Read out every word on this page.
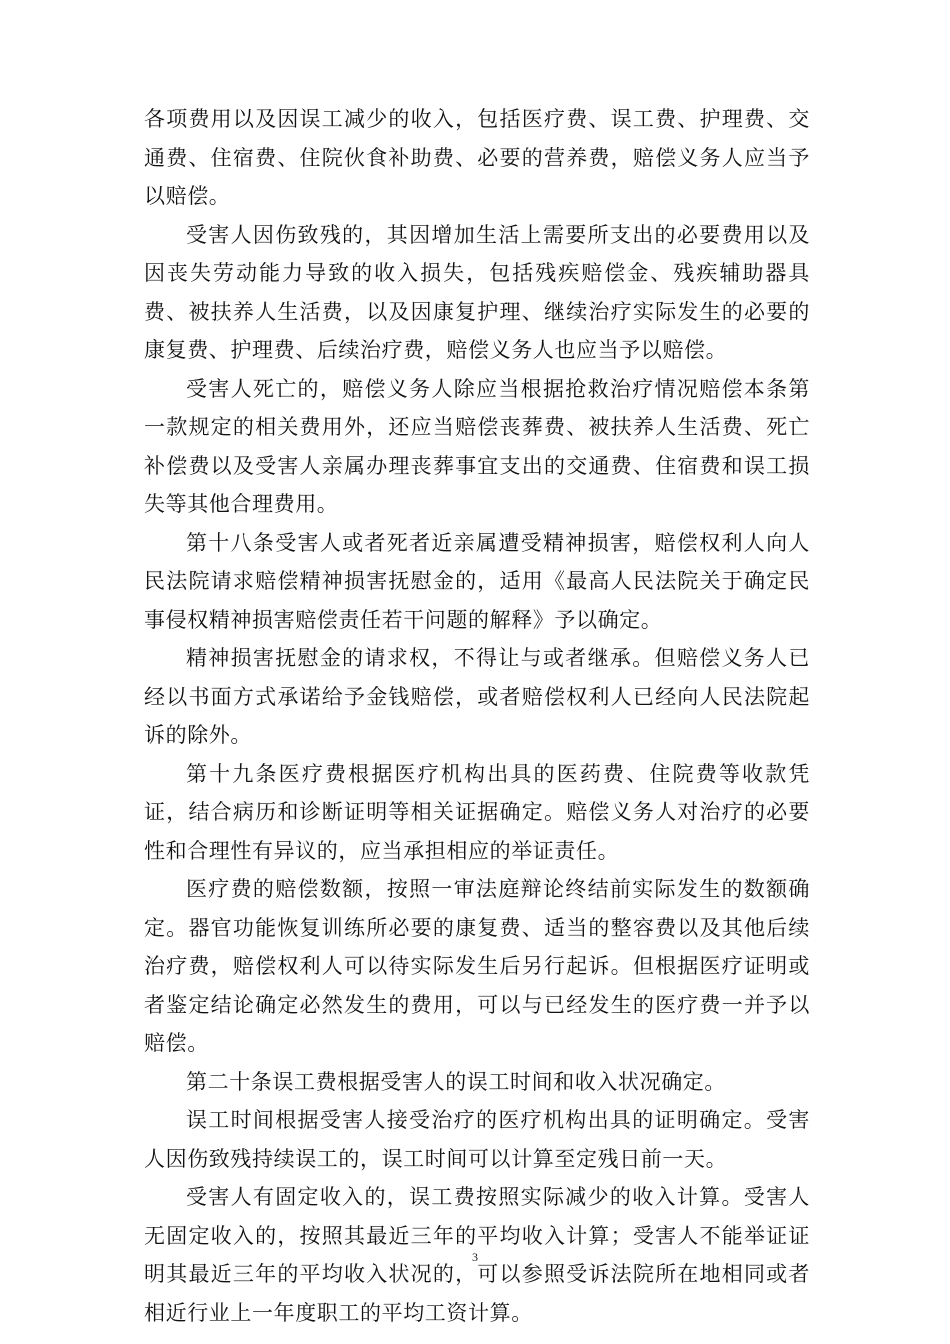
各项费用以及因误工减少的收入，包括医疗费、误工费、护理费、交通费、住宿费、住院伙食补助费、必要的营养费，赔偿义务人应当予以赔偿。

受害人因伤致残的，其因增加生活上需要所支出的必要费用以及因丧失劳动能力导致的收入损失，包括残疾赔偿金、残疾辅助器具费、被扶养人生活费，以及因康复护理、继续治疗实际发生的必要的康复费、护理费、后续治疗费，赔偿义务人也应当予以赔偿。

受害人死亡的，赔偿义务人除应当根据抢救治疗情况赔偿本条第一款规定的相关费用外，还应当赔偿丧葬费、被扶养人生活费、死亡补偿费以及受害人亲属办理丧葬事宜支出的交通费、住宿费和误工损失等其他合理费用。

第十八条受害人或者死者近亲属遭受精神损害，赔偿权利人向人民法院请求赔偿精神损害抚慰金的，适用《最高人民法院关于确定民事侵权精神损害赔偿责任若干问题的解释》予以确定。

精神损害抚慰金的请求权，不得让与或者继承。但赔偿义务人已经以书面方式承诺给予金钱赔偿，或者赔偿权利人已经向人民法院起诉的除外。

第十九条医疗费根据医疗机构出具的医药费、住院费等收款凭证，结合病历和诊断证明等相关证据确定。赔偿义务人对治疗的必要性和合理性有异议的，应当承担相应的举证责任。

医疗费的赔偿数额，按照一审法庭辩论终结前实际发生的数额确定。器官功能恢复训练所必要的康复费、适当的整容费以及其他后续治疗费，赔偿权利人可以待实际发生后另行起诉。但根据医疗证明或者鉴定结论确定必然发生的费用，可以与已经发生的医疗费一并予以赔偿。

第二十条误工费根据受害人的误工时间和收入状况确定。

误工时间根据受害人接受治疗的医疗机构出具的证明确定。受害人因伤致残持续误工的，误工时间可以计算至定残日前一天。

受害人有固定收入的，误工费按照实际减少的收入计算。受害人无固定收入的，按照其最近三年的平均收入计算；受害人不能举证证明其最近三年的平均收入状况的，可以参照受诉法院所在地相同或者相近行业上一年度职工的平均工资计算。

3
